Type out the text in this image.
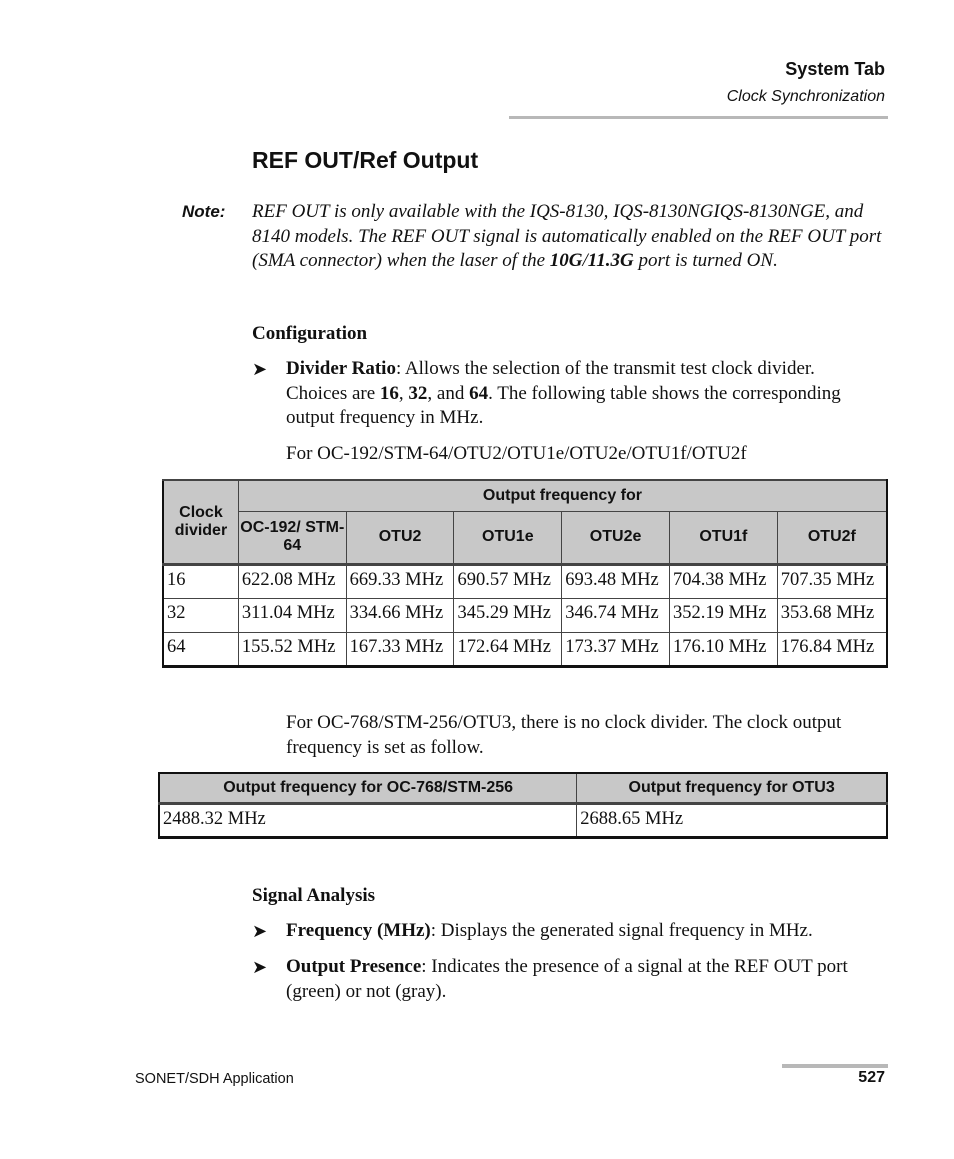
System Tab
Clock Synchronization
REF OUT/Ref Output
Note: REF OUT is only available with the IQS-8130, IQS-8130NGIQS-8130NGE, and 8140 models. The REF OUT signal is automatically enabled on the REF OUT port (SMA connector) when the laser of the 10G/11.3G port is turned ON.

Configuration
➤ Divider Ratio: Allows the selection of the transmit test clock divider. Choices are 16, 32, and 64. The following table shows the corresponding output frequency in MHz.
For OC-192/STM-64/OTU2/OTU1e/OTU2e/OTU1f/OTU2f
Clock divider	Output frequency for					
	OC-192/ STM-64	OTU2	OTU1e	OTU2e	OTU1f	OTU2f
16	622.08 MHz	669.33 MHz	690.57 MHz	693.48 MHz	704.38 MHz	707.35 MHz
32	311.04 MHz	334.66 MHz	345.29 MHz	346.74 MHz	352.19 MHz	353.68 MHz
64	155.52 MHz	167.33 MHz	172.64 MHz	173.37 MHz	176.10 MHz	176.84 MHz
For OC-768/STM-256/OTU3, there is no clock divider. The clock output frequency is set as follow.
Output frequency for OC-768/STM-256	Output frequency for OTU3
2488.32 MHz	2688.65 MHz
Signal Analysis
➤ Frequency (MHz): Displays the generated signal frequency in MHz.
➤ Output Presence: Indicates the presence of a signal at the REF OUT port (green) or not (gray).
SONET/SDH Application	527
